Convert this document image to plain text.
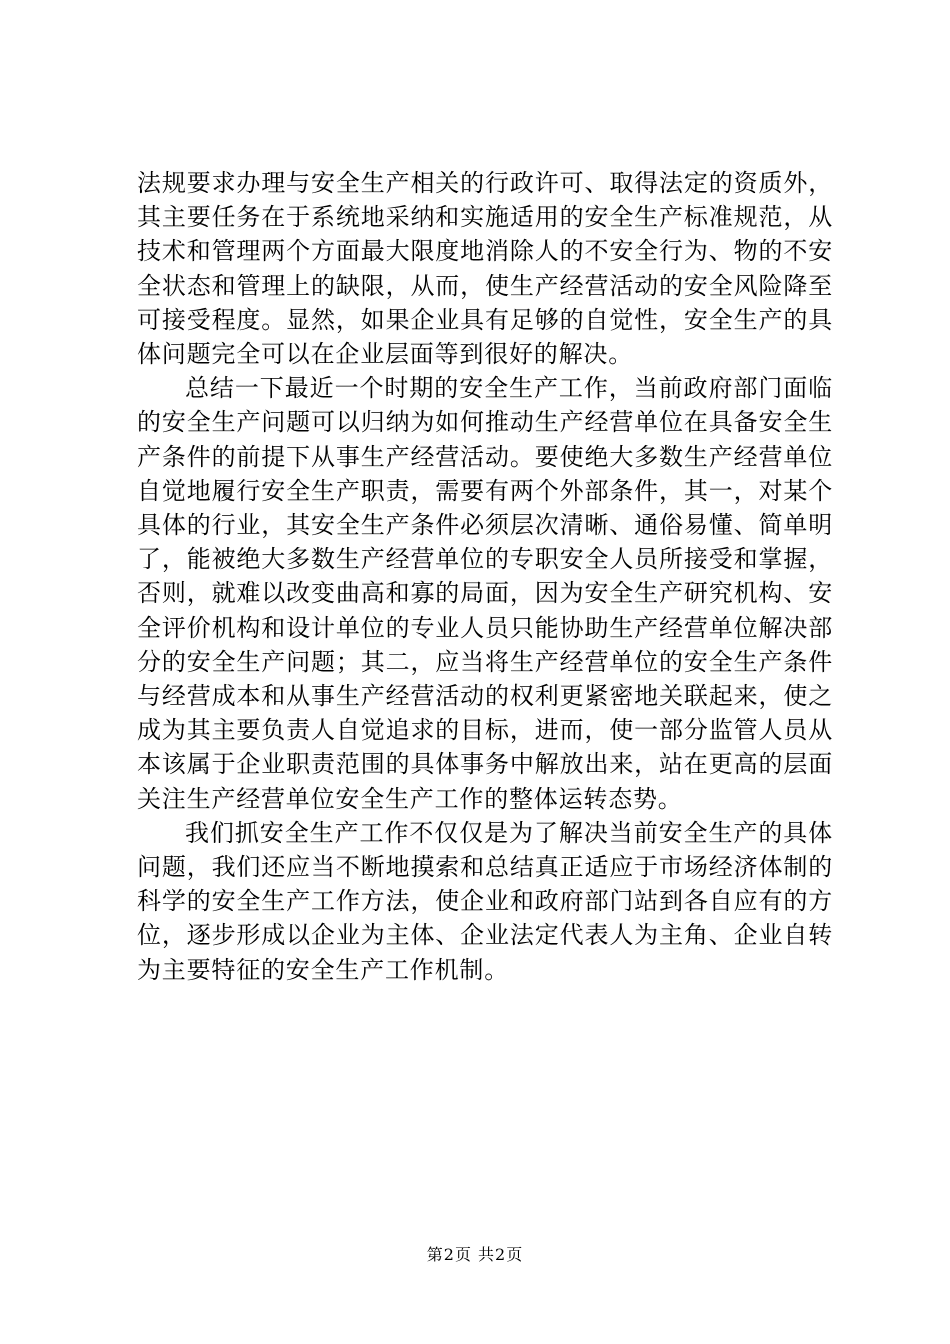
法规要求办理与安全生产相关的行政许可、取得法定的资质外，其主要任务在于系统地采纳和实施适用的安全生产标准规范，从技术和管理两个方面最大限度地消除人的不安全行为、物的不安全状态和管理上的缺限，从而，使生产经营活动的安全风险降至可接受程度。显然，如果企业具有足够的自觉性，安全生产的具体问题完全可以在企业层面等到很好的解决。

总结一下最近一个时期的安全生产工作，当前政府部门面临的安全生产问题可以归纳为如何推动生产经营单位在具备安全生产条件的前提下从事生产经营活动。要使绝大多数生产经营单位自觉地履行安全生产职责，需要有两个外部条件，其一，对某个具体的行业，其安全生产条件必须层次清晰、通俗易懂、简单明了，能被绝大多数生产经营单位的专职安全人员所接受和掌握，否则，就难以改变曲高和寡的局面，因为安全生产研究机构、安全评价机构和设计单位的专业人员只能协助生产经营单位解决部分的安全生产问题；其二，应当将生产经营单位的安全生产条件与经营成本和从事生产经营活动的权利更紧密地关联起来，使之成为其主要负责人自觉追求的目标，进而，使一部分监管人员从本该属于企业职责范围的具体事务中解放出来，站在更高的层面关注生产经营单位安全生产工作的整体运转态势。

我们抓安全生产工作不仅仅是为了解决当前安全生产的具体问题，我们还应当不断地摸索和总结真正适应于市场经济体制的科学的安全生产工作方法，使企业和政府部门站到各自应有的方位，逐步形成以企业为主体、企业法定代表人为主角、企业自转为主要特征的安全生产工作机制。

第2页 共2页
